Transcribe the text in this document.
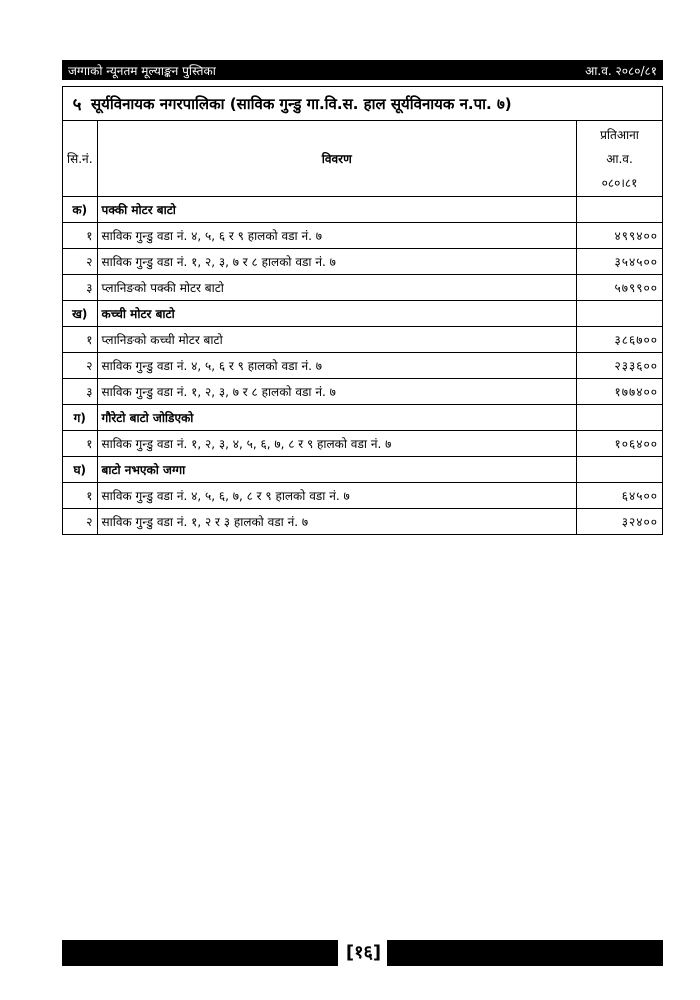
जग्गाको न्यूनतम मूल्याङ्कन पुस्तिका	आ.व. २०८०/८१
५ सूर्यविनायक नगरपालिका (साविक गुन्डु गा.वि.स. हाल सूर्यविनायक न.पा. ७)
सि.नं.	विवरण	प्रतिआना
आ.व.
०८०।८१

क)	पक्की मोटर बाटो	
१	साविक गुन्डु वडा नं. ४, ५, ६ र ९ हालको वडा नं. ७	४९९४००
२	साविक गुन्डु वडा नं. १, २, ३, ७ र ८ हालको वडा नं. ७	३५४५००
३	प्लानिङको पक्की मोटर बाटो	५७९९००
ख)	कच्ची मोटर बाटो	
१	प्लानिङको कच्ची मोटर बाटो	३८६७००
२	साविक गुन्डु वडा नं. ४, ५, ६ र ९ हालको वडा नं. ७	२३३६००
३	साविक गुन्डु वडा नं. १, २, ३, ७ र ८ हालको वडा नं. ७	१७७४००
ग)	गौरेटो बाटो जोडिएको	
१	साविक गुन्डु वडा नं. १, २, ३, ४, ५, ६, ७, ८ र ९ हालको वडा नं. ७	१०६४००
घ)	बाटो नभएको जग्गा	
१	साविक गुन्डु वडा नं. ४, ५, ६, ७, ८ र ९ हालको वडा नं. ७	६४५००
२	साविक गुन्डु वडा नं. १, २ र ३ हालको वडा नं. ७	३२४००
[१६]
